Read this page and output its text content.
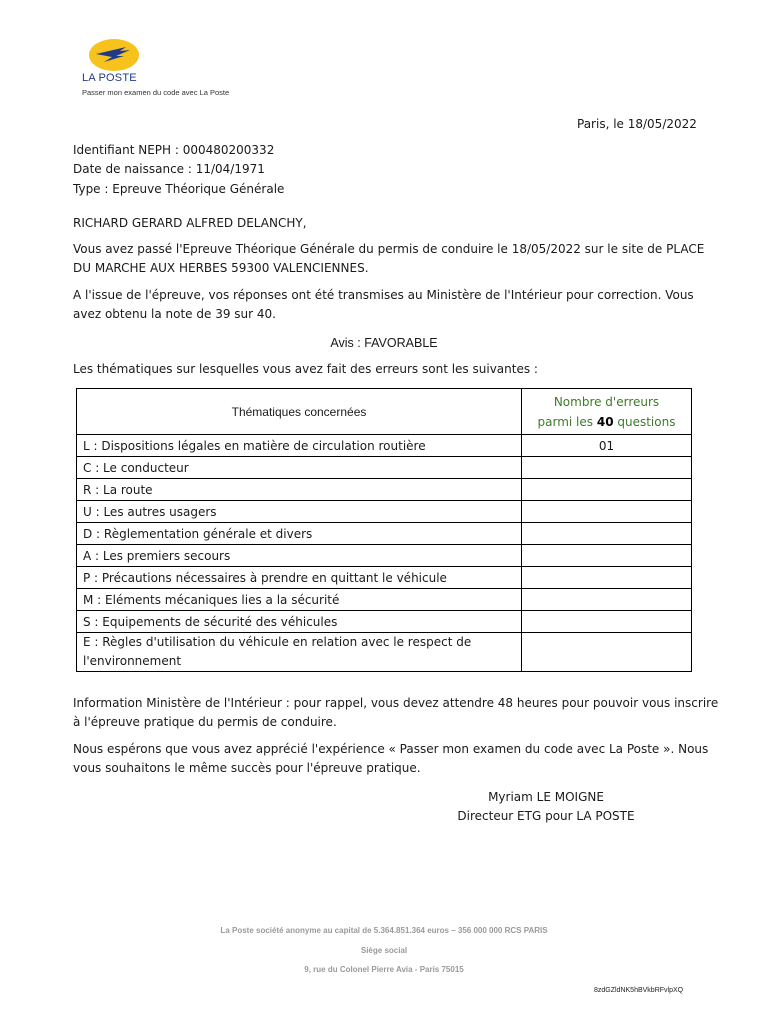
LA POSTE
Passer mon examen du code avec La Poste
Paris, le 18/05/2022
Identifiant NEPH : 000480200332
Date de naissance : 11/04/1971
Type : Epreuve Théorique Générale
RICHARD GERARD ALFRED DELANCHY,
Vous avez passé l'Epreuve Théorique Générale du permis de conduire le 18/05/2022 sur le site de PLACE
DU MARCHE AUX HERBES 59300 VALENCIENNES.
A l'issue de l'épreuve, vos réponses ont été transmises au Ministère de l'Intérieur pour correction. Vous
avez obtenu la note de 39 sur 40.
Avis : FAVORABLE
Les thématiques sur lesquelles vous avez fait des erreurs sont les suivantes :
Thématiques concernées	Nombre d'erreurs
parmi les 40 questions

L : Dispositions légales en matière de circulation routière	01
C : Le conducteur	
R : La route	
U : Les autres usagers	
D : Règlementation générale et divers	
A : Les premiers secours	
P : Précautions nécessaires à prendre en quittant le véhicule	
M : Eléments mécaniques lies a la sécurité	
S : Equipements de sécurité des véhicules	

E : Règles d'utilisation du véhicule en relation avec le respect de
l'environnement	

Information Ministère de l'Intérieur : pour rappel, vous devez attendre 48 heures pour pouvoir vous inscrire
à l'épreuve pratique du permis de conduire.
Nous espérons que vous avez apprécié l'expérience « Passer mon examen du code avec La Poste ». Nous
vous souhaitons le même succès pour l'épreuve pratique.
Myriam LE MOIGNE
Directeur ETG pour LA POSTE
La Poste société anonyme au capital de 5.364.851.364 euros – 356 000 000 RCS PARIS
Siège social
9, rue du Colonel Pierre Avia - Paris 75015
8zdGZldNK5hBVkbRFvlpXQ
